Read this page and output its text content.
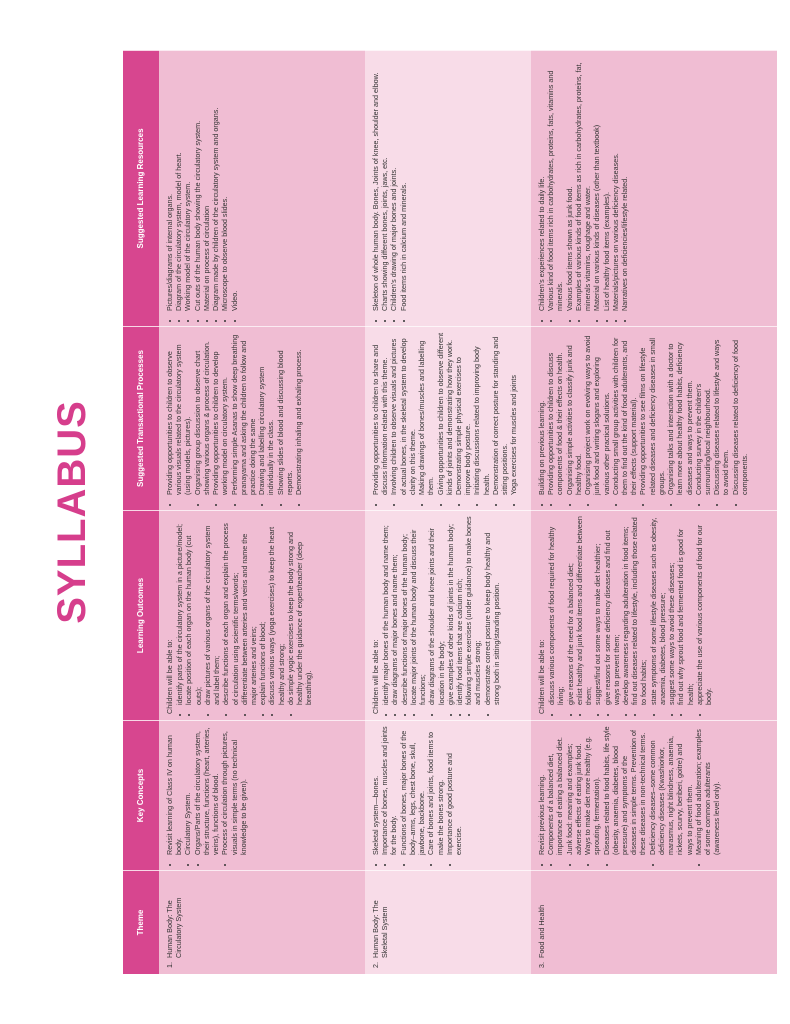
SYLLABUS
Theme
Key Concepts
Learning Outcomes
Suggested Transactional Processes
Suggested Learning Resources
1.
Human Body: The Circulatory System
• Revisit learning of Class IV on human body. • Circulatory System. • Organs/Parts of the circulatory system, their structure, functions (heart, arteries, veins), functions of blood. • Process of circulation through pictures, visuals in simple terms (no technical knowledge to be given).
Children will be able to: • identify parts of the circulatory system in a picture/model; • locate position of each organ on the human body (cut outs); • draw pictures of various organs of the circulatory system and label them; • describe functions of each organ and explain the process of circulation using scientific terms/words; • differentiate between arteries and veins and name the major arteries and veins; • explain functions of blood; • discuss various ways (yoga exercises) to keep the heart healthy and strong; • do simple yogic exercises to keep the body strong and healthy under the guidance of expert/teacher (deep breathing).
• Providing opportunities to children to observe various visuals related to the circulatory system (using models, pictures). • Organising group discussion to observe chart showing various organs & process of circulation. • Providing opportunities to children to develop working model on circulatory system. • Performing simple Asanas to show deep breathing pranayama and asking the children to follow and practice doing the same • Drawing and labelling circulatory system individually in the class. • Showing slides of blood and discussing blood reports. • Demonstrating inhaling and exhaling process.
• Pictures/diagrams of internal organs. • Diagram of the circulatory system, model of heart. • Working model of the circulatory system. • Cut outs of the human body showing the circulatory system. • Material on process of circulation • Diagram made by children of the circulatory system and organs. • Microscope to observe blood slides. • Video.
2.
Human Body: The Skeletal System
• Skeletal system—bones. • Importance of bones, muscles and joints for the body. • Functions of bones, major bones of the body–arms, legs, chest bone, skull, jawbone, backbone. • Care of bones and joints, food items to make the bones strong. • Importance of good posture and exercise.
Children will be able to: • identify major bones of the human body and name them; • draw diagrams of major bones and name them; • describe functions of major bones of the human body; • locate major joints of the human body and discuss their functions; • draw diagrams of the shoulder and knee joints and their location in the body; • give examples of other kinds of joints in the human body; • identify food items that are calcium rich; • following simple exercises (under guidance) to make bones and muscles strong; • demonstrate correct posture to keep body healthy and strong both in sitting/standing position.
• Providing opportunities to children to share and discuss information related with this theme. • Involving children to observe visuals and pictures of actual bones, in the skeletal system to develop clarity on this theme. • Making drawings of bones/muscles and labelling them. • Giving opportunities to children to observe different kinds of joints and demonstrating how they work. • Demonstrating simple physical exercises to improve body posture. • Initiating discussions related to improving body health. • Demonstration of correct posture for standing and sitting positions. • Yoga exercises for muscles and joints
• Skeleton of whole human body. Bones, Joints of knee, shoulder and elbow. • Charts showing different bones, joints, jaws, etc. • Children's drawing of major bones and joints. • Food items rich in calcium and minerals.
3.
Food and Health
• Revisit previous learning. • Components of a balanced diet, importance of eating a balanced diet. • Junk food: meaning and examples; adverse effects of eating junk food. • Ways to make diet more healthy (e.g. sprouting, fermentation). • Diseases related to food habits, life style (obesity, anaemia, diabetes, blood pressure) and symptoms of the diseases in simple terms. Prevention of these diseases in non-technical terms. • Deficiency diseases–some common deficiency diseases (Kwashiorkor, marasmus, night blindness, anaemia, rickets, scurvy, beriberi, goitre) and ways to prevent them. • Meaning of food adulteration; examples of some common adulterants (awareness level only).
Children will be able to: • discuss various components of food required for healthy living; • give reasons of the need for a balanced diet; • enlist healthy and junk food items and differentiate between them; • suggest/find out some ways to make diet healthier; • give reasons for some deficiency diseases and find out ways to prevent them; • develop awareness regarding adulteration in food items; • find out diseases related to lifestyle, including those related to food habits; • state symptoms of some lifestyle diseases such as obesity, anaemia, diabetes, blood pressure; • suggest some ways to avoid these diseases; • find out why sprout food and fermented food is good for health; • appreciate the use of various components of food for our body.
• Building on previous learning. • Providing opportunities to children to discuss components of food & their effects on health. • Organising simple activities to classify junk and healthy food. • Organising project work on evolving ways to avoid junk food and writing slogans and exploring various other practical solutions. • Conducting small group activities with children for them to find out the kind of food adulterants, and their effects (support material). • Providing opportunities to see films on lifestyle related diseases and deficiency diseases in small groups. • Organising talks and interaction with a doctor to learn more about healthy food habits, deficiency diseases and ways to prevent them. • Conducting survey in the children's surrounding/local neighbourhood. • Discussing diseases related to lifestyle and ways to avoid them. • Discussing diseases related to deficiency of food components.
• Children's experiences related to daily life. • Various kind of food items rich in carbohydrates, proteins, fats, vitamins and minerals. • Various food items shown as junk food. • Examples of various kinds of food items as rich in carbohydrates, proteins, fat, minerals vitamins, roughage and water. • Material on various kinds of diseases (other than textbook) • List of healthy food items (examples). • Materials/pictures on various deficiency diseases. • Narratives on deficiencies/lifestyle related.
